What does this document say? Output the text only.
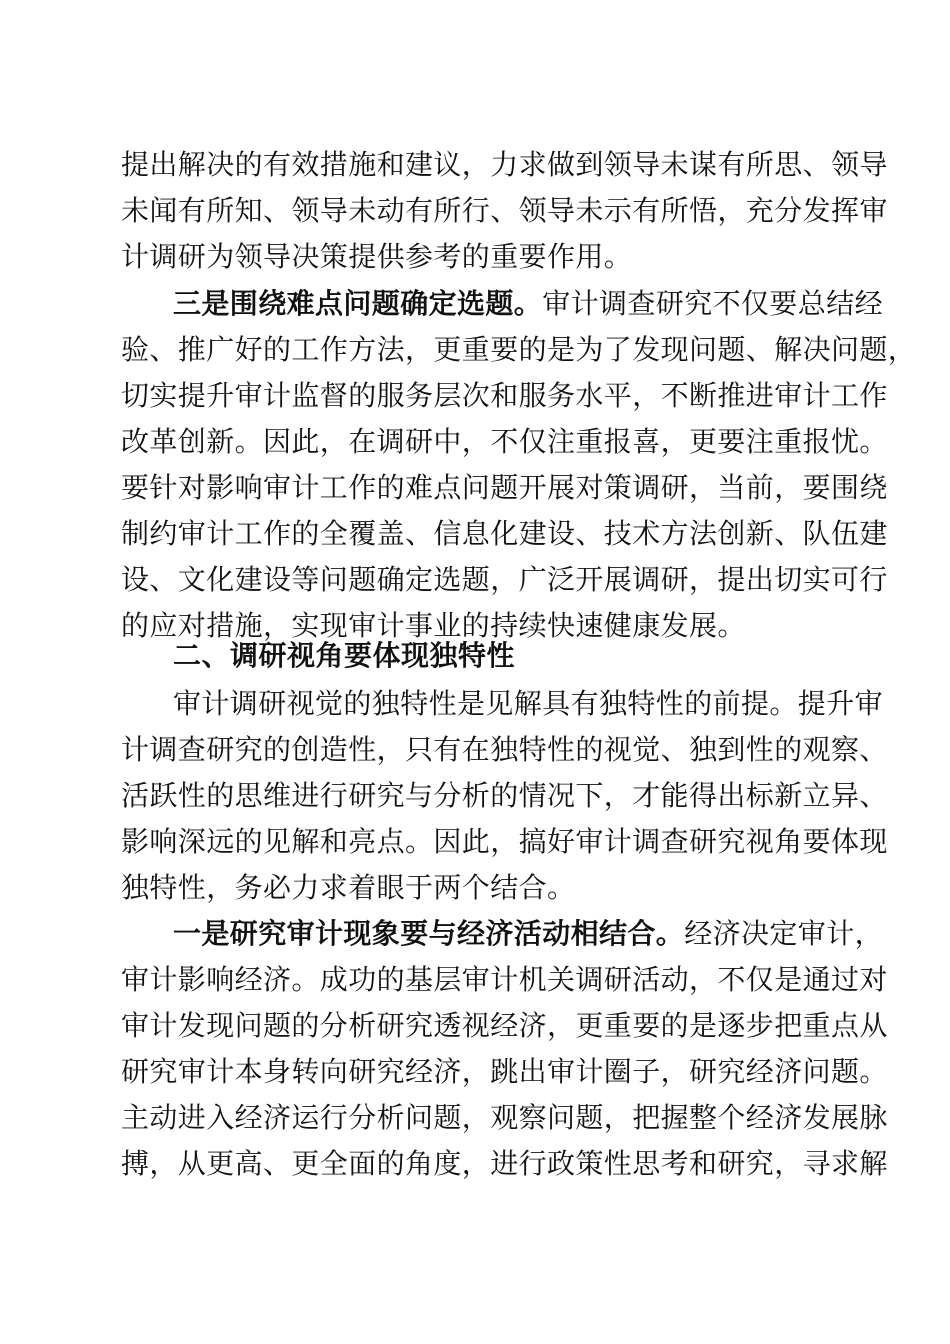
提出解决的有效措施和建议，力求做到领导未谋有所思、领导
未闻有所知、领导未动有所行、领导未示有所悟，充分发挥审
计调研为领导决策提供参考的重要作用。
三是围绕难点问题确定选题。审计调查研究不仅要总结经
验、推广好的工作方法，更重要的是为了发现问题、解决问题，
切实提升审计监督的服务层次和服务水平，不断推进审计工作
改革创新。因此，在调研中，不仅注重报喜，更要注重报忧。
要针对影响审计工作的难点问题开展对策调研，当前，要围绕
制约审计工作的全覆盖、信息化建设、技术方法创新、队伍建
设、文化建设等问题确定选题，广泛开展调研，提出切实可行
的应对措施，实现审计事业的持续快速健康发展。
二、调研视角要体现独特性
审计调研视觉的独特性是见解具有独特性的前提。提升审
计调查研究的创造性，只有在独特性的视觉、独到性的观察、
活跃性的思维进行研究与分析的情况下，才能得出标新立异、
影响深远的见解和亮点。因此，搞好审计调查研究视角要体现
独特性，务必力求着眼于两个结合。
一是研究审计现象要与经济活动相结合。经济决定审计，
审计影响经济。成功的基层审计机关调研活动，不仅是通过对
审计发现问题的分析研究透视经济，更重要的是逐步把重点从
研究审计本身转向研究经济，跳出审计圈子，研究经济问题。
主动进入经济运行分析问题，观察问题，把握整个经济发展脉
搏，从更高、更全面的角度，进行政策性思考和研究，寻求解
